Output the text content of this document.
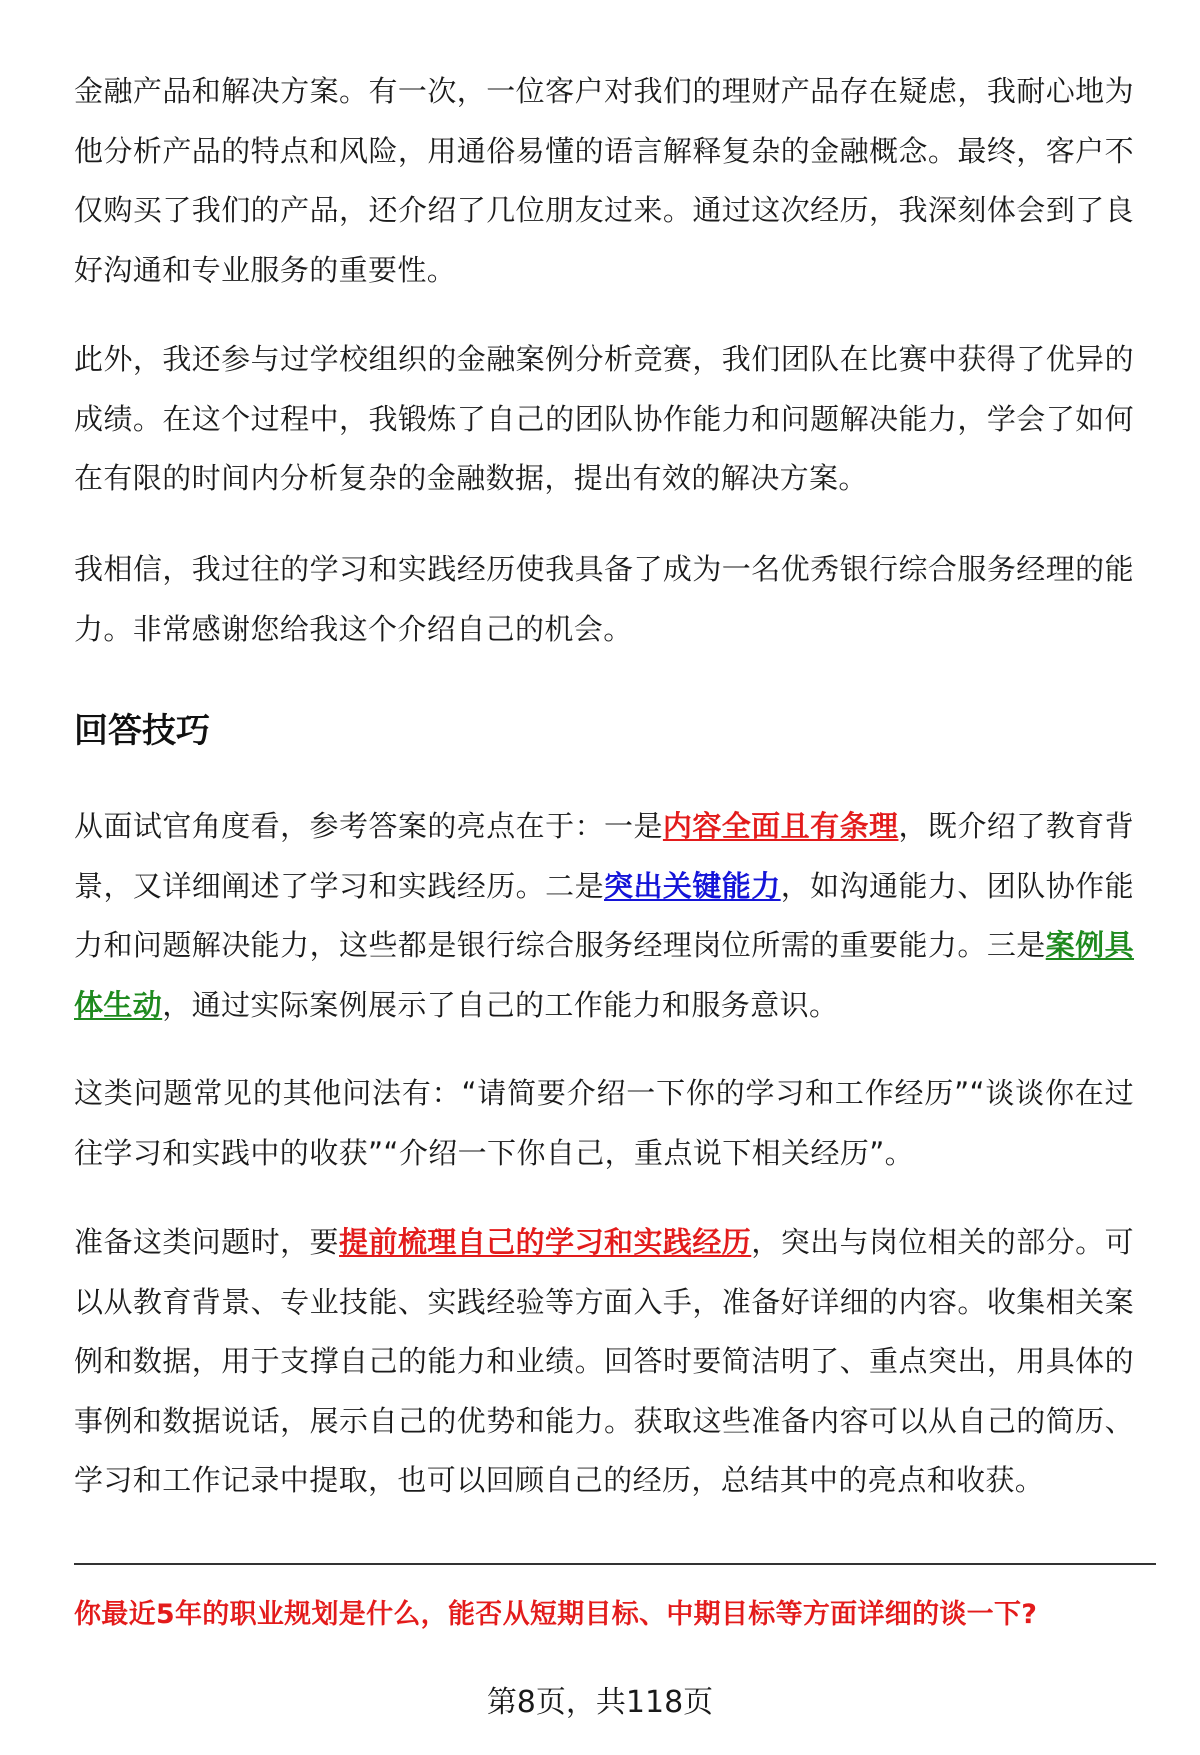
金融产品和解决方案。有一次，一位客户对我们的理财产品存在疑虑，我耐心地为他分析产品的特点和风险，用通俗易懂的语言解释复杂的金融概念。最终，客户不仅购买了我们的产品，还介绍了几位朋友过来。通过这次经历，我深刻体会到了良好沟通和专业服务的重要性。

此外，我还参与过学校组织的金融案例分析竞赛，我们团队在比赛中获得了优异的成绩。在这个过程中，我锻炼了自己的团队协作能力和问题解决能力，学会了如何在有限的时间内分析复杂的金融数据，提出有效的解决方案。

我相信，我过往的学习和实践经历使我具备了成为一名优秀银行综合服务经理的能力。非常感谢您给我这个介绍自己的机会。

回答技巧

从面试官角度看，参考答案的亮点在于：一是内容全面且有条理，既介绍了教育背景，又详细阐述了学习和实践经历。二是突出关键能力，如沟通能力、团队协作能力和问题解决能力，这些都是银行综合服务经理岗位所需的重要能力。三是案例具体生动，通过实际案例展示了自己的工作能力和服务意识。

这类问题常见的其他问法有：“请简要介绍一下你的学习和工作经历”“谈谈你在过往学习和实践中的收获”“介绍一下你自己，重点说下相关经历”。

准备这类问题时，要提前梳理自己的学习和实践经历，突出与岗位相关的部分。可以从教育背景、专业技能、实践经验等方面入手，准备好详细的内容。收集相关案例和数据，用于支撑自己的能力和业绩。回答时要简洁明了、重点突出，用具体的事例和数据说话，展示自己的优势和能力。获取这些准备内容可以从自己的简历、学习和工作记录中提取，也可以回顾自己的经历，总结其中的亮点和收获。

你最近5年的职业规划是什么，能否从短期目标、中期目标等方面详细的谈一下?

第8页，共118页
